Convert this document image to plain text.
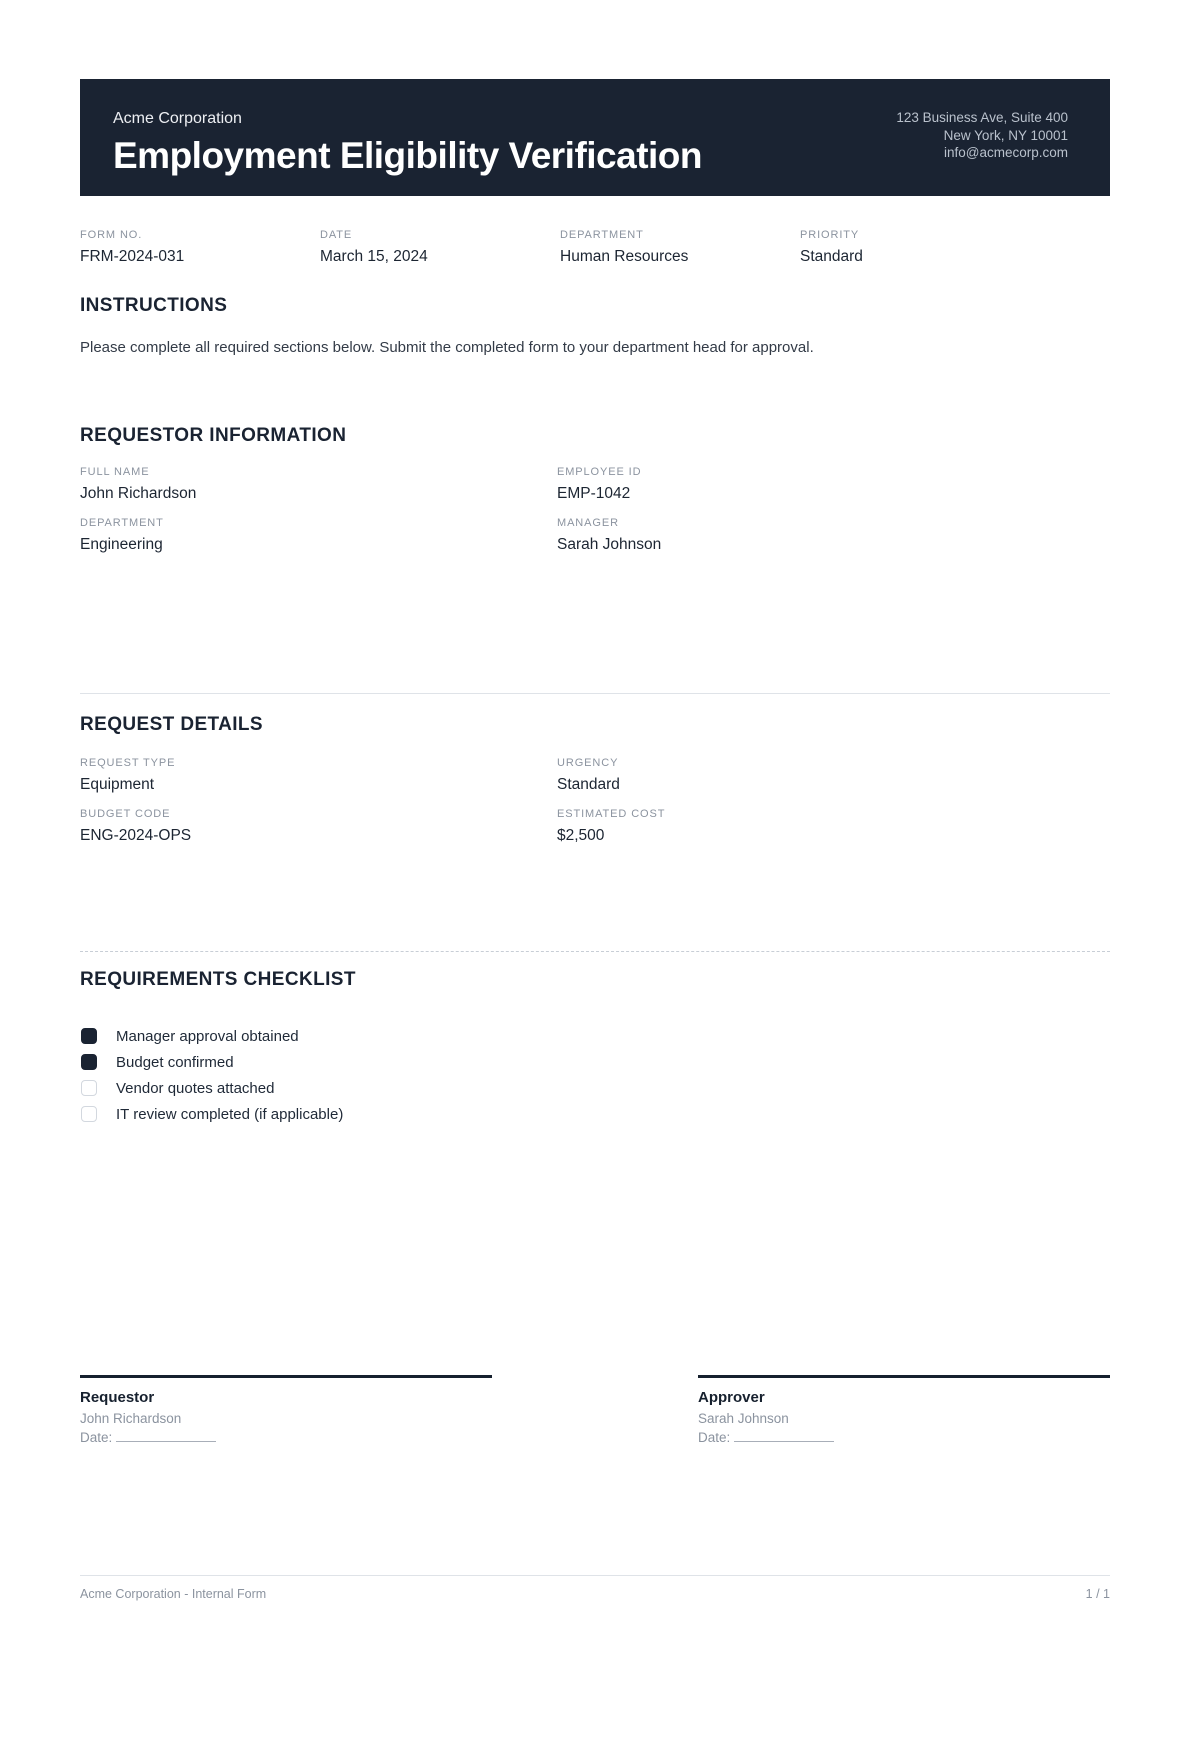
Acme Corporation
Employment Eligibility Verification
123 Business Ave, Suite 400
New York, NY 10001
info@acmecorp.com
FORM NO.
FRM-2024-031
DATE
March 15, 2024
DEPARTMENT
Human Resources
PRIORITY
Standard
INSTRUCTIONS

Please complete all required sections below. Submit the completed form to your department head for approval.

REQUESTOR INFORMATION
FULL NAME
John Richardson
EMPLOYEE ID
EMP-1042
DEPARTMENT
Engineering
MANAGER
Sarah Johnson
REQUEST DETAILS
REQUEST TYPE
Equipment
URGENCY
Standard
BUDGET CODE
ENG-2024-OPS
ESTIMATED COST
$2,500
REQUIREMENTS CHECKLIST
Manager approval obtained
Budget confirmed
Vendor quotes attached
IT review completed (if applicable)
Requestor
John Richardson
Date:
Approver
Sarah Johnson
Date:
Acme Corporation - Internal Form	1 / 1
